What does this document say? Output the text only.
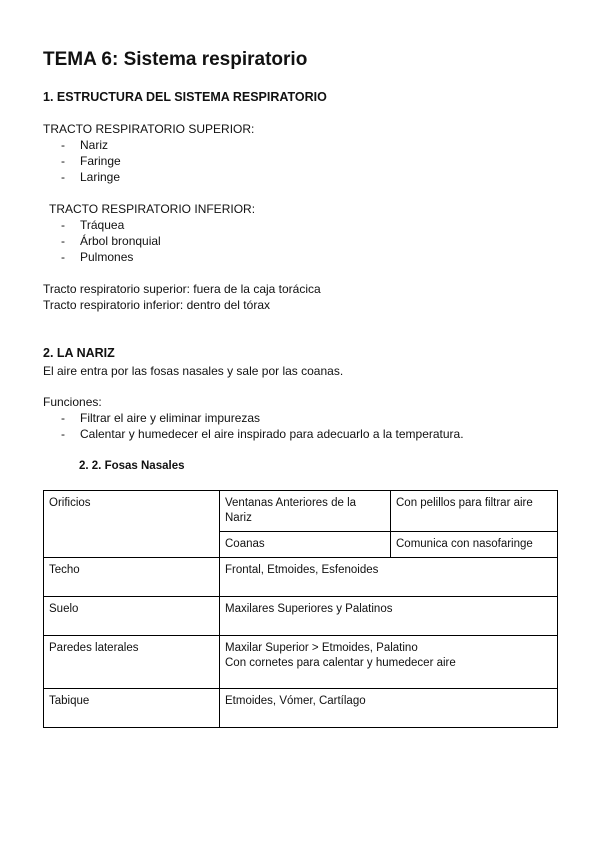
TEMA 6: Sistema respiratorio
1. ESTRUCTURA DEL SISTEMA RESPIRATORIO
TRACTO RESPIRATORIO SUPERIOR:
- Nariz
- Faringe
- Laringe
TRACTO RESPIRATORIO INFERIOR:
- Tráquea
- Árbol bronquial
- Pulmones
Tracto respiratorio superior: fuera de la caja torácica
Tracto respiratorio inferior: dentro del tórax
2. LA NARIZ
El aire entra por las fosas nasales y sale por las coanas.
Funciones:
- Filtrar el aire y eliminar impurezas
- Calentar y humedecer el aire inspirado para adecuarlo a la temperatura.
2. 2. Fosas Nasales
Orificios	Ventanas Anteriores de la Nariz	Con pelillos para filtrar aire
	Coanas	Comunica con nasofaringe
Techo	Frontal, Etmoides, Esfenoides	
Suelo	Maxilares Superiores y Palatinos	
Paredes laterales	Maxilar Superior > Etmoides, Palatino
Con cornetes para calentar y humedecer aire	

Tabique	Etmoides, Vómer, Cartílago	
